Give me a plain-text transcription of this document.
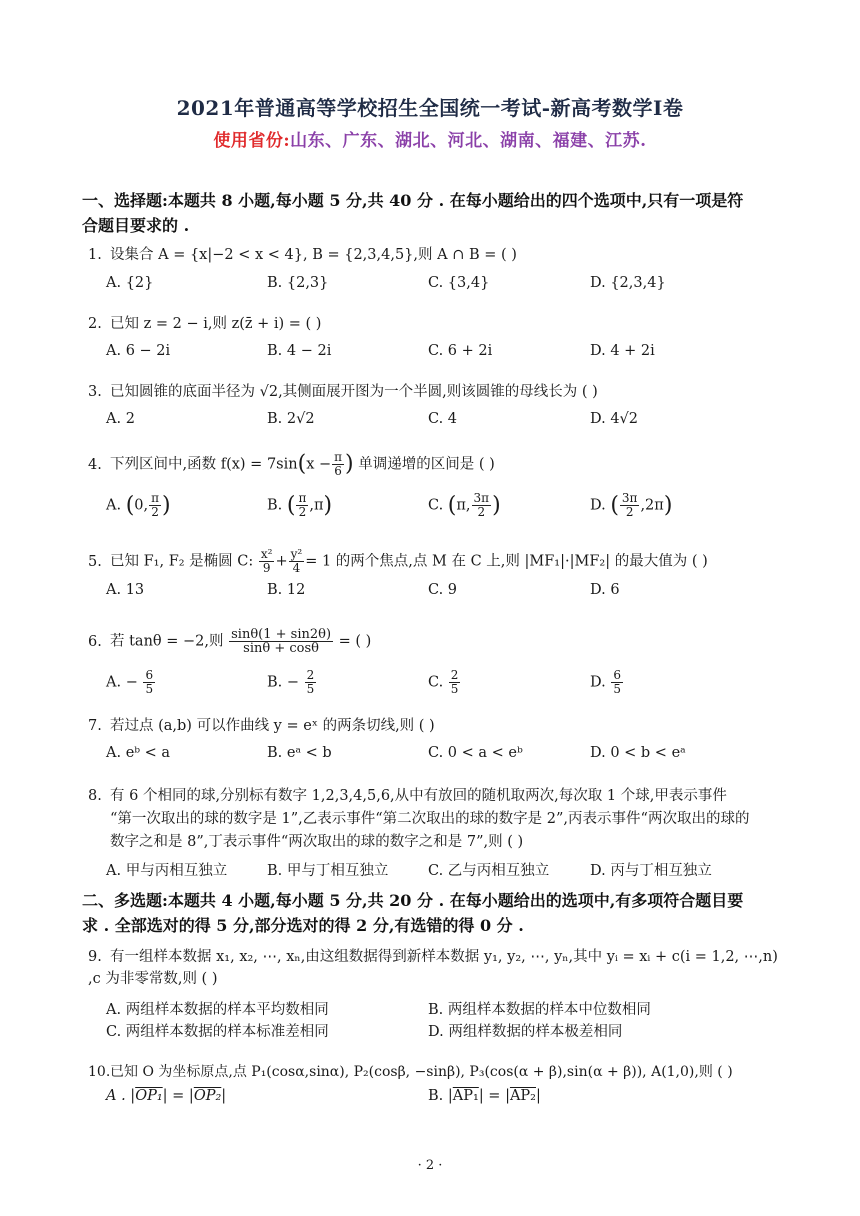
2021年普通高等学校招生全国统一考试-新高考数学Ⅰ卷
使用省份:山东、广东、湖北、河北、湖南、福建、江苏.
一、选择题:本题共 8 小题,每小题 5 分,共 40 分 . 在每小题给出的四个选项中,只有一项是符
合题目要求的 .
1. 设集合 A = {x|−2 < x < 4}, B = {2,3,4,5},则 A ∩ B = ( )
A. {2}	B. {2,3}	C. {3,4}	D. {2,3,4}
2. 已知 z = 2 − i,则 z(z̄ + i) = ( )
A. 6 − 2i	B. 4 − 2i	C. 6 + 2i	D. 4 + 2i
3. 已知圆锥的底面半径为 √2,其侧面展开图为一个半圆,则该圆锥的母线长为 ( )
A. 2	B. 2√2	C. 4	D. 4√2
4. 下列区间中,函数 $f(x) = 7\sin(x - \frac{\pi}{6}$ ) 单调递增的区间是 ( )
A. (0, $\frac{\pi}{2}$ )	B. ( $\frac{\pi}{2} ,\pi$)	C. (π, $\frac{3\pi}{2}$ )	D. ( $\frac{3\pi}{2} ,2\pi$)
5. 已知 F₁, F₂ 是椭圆 C: $\frac{\text{x²}}{9} + \frac{\text{y²}}{4} = 1$ 的两个焦点,点 M 在 C 上,则 |MF₁|·|MF₂| 的最大值为 ( )
A. 13	B. 12	C. 9	D. 6
6. 若 tanθ = −2,则 $\frac{\sin\theta(1 + \sin 2\theta)}{\sin\theta + \cos\theta}$ = ( )
A. − $\frac{6}{5}$	B. − $\frac{2}{5}$	C. $\frac{2}{5}$	D. $\frac{6}{5}$
7. 若过点 (a,b) 可以作曲线 y = eˣ 的两条切线,则 ( )
A. eᵇ < a	B. eᵃ < b	C. 0 < a < eᵇ	D. 0 < b < eᵃ
8. 有 6 个相同的球,分别标有数字 1,2,3,4,5,6,从中有放回的随机取两次,每次取 1 个球,甲表示事件
“第一次取出的球的数字是 1”,乙表示事件“第二次取出的球的数字是 2”,丙表示事件“两次取出的球的
数字之和是 8”,丁表示事件“两次取出的球的数字之和是 7”,则 ( )
A. 甲与丙相互独立	B. 甲与丁相互独立	C. 乙与丙相互独立	D. 丙与丁相互独立
二、多选题:本题共 4 小题,每小题 5 分,共 20 分 . 在每小题给出的选项中,有多项符合题目要
求 . 全部选对的得 5 分,部分选对的得 2 分,有选错的得 0 分 .
9. 有一组样本数据 x₁, x₂, ⋯, xₙ,由这组数据得到新样本数据 y₁, y₂, ⋯, yₙ,其中 yᵢ = xᵢ + c(i = 1,2, ⋯,n)
,c 为非零常数,则 ( )
A. 两组样本数据的样本平均数相同	B. 两组样本数据的样本中位数相同
C. 两组样本数据的样本标准差相同	D. 两组样数据的样本极差相同
10.已知 O 为坐标原点,点 P₁(cosα,sinα), P₂(cosβ, −sinβ), P₃(cos(α + β),sin(α + β)), A(1,0),则 ( )
A . |OP₁| = |OP₂|	B. |AP₁| = |AP₂|
· 2 ·
